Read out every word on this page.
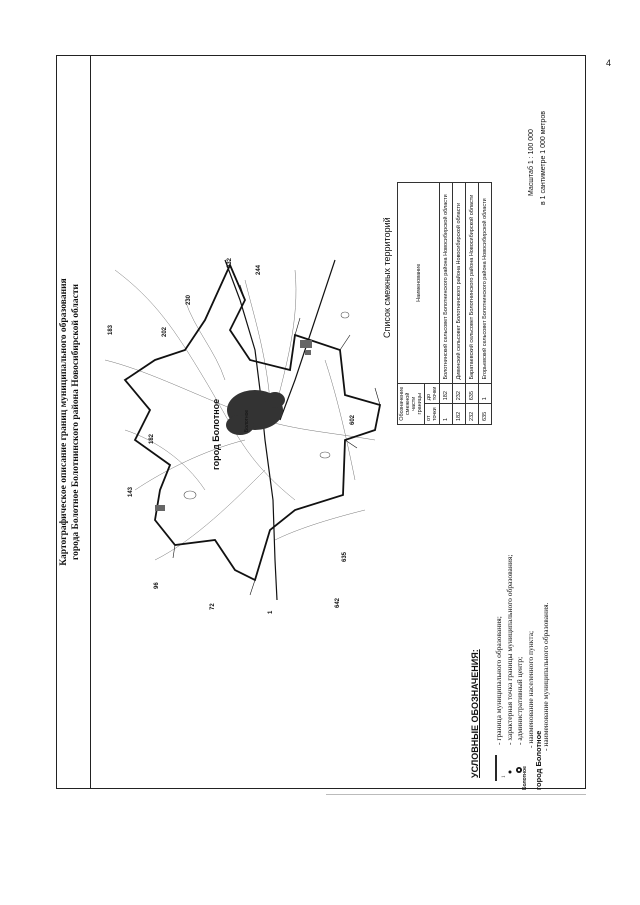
4
Картографическое описание границ муниципального образования города Болотное Болотнинского района Новосибирской области	183	202
230
232
244
602
635
642
1
72
96
143
182	город Болотное	Болотное
Список смежных территорий
Обозначение смежной части границы		Наименование
от точки	до точки	
1	182	Болотнинский сельсовет Болотнинского района Новосибирской области
182	232	Дивинский сельсовет Болотнинского района Новосибирской области
232	635	Баратаевский сельсовет Болотнинского района Новосибирской области
635	1	Егорьевский сельсовет Болотнинского района Новосибирской области
Масштаб 1 : 100 000 в 1 сантиметре 1 000 метров
УСЛОВНЫЕ ОБОЗНАЧЕНИЯ: - граница муниципального образования;
1
- характерная точка границы муниципального образования; - административный центр;
Болотное
- наименование населенного пункта;
город Болотное
- наименование муниципального образования.
